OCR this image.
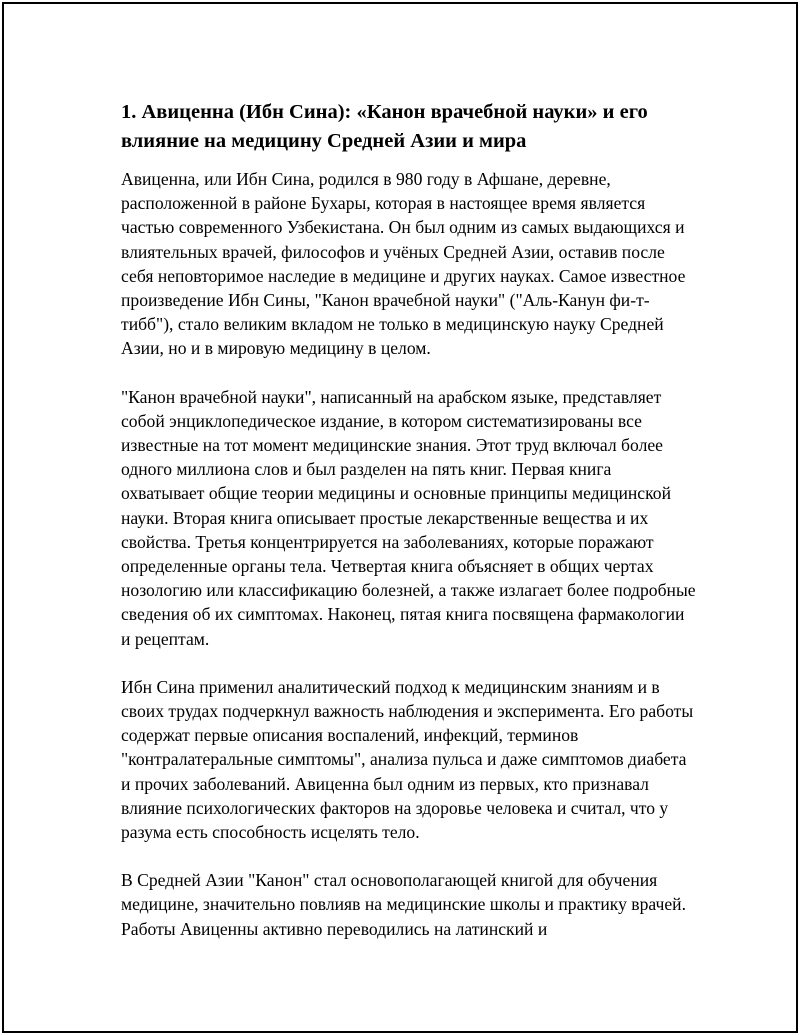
1. Авиценна (Ибн Сина): «Канон врачебной науки» и его влияние на медицину Средней Азии и мира

Авиценна, или Ибн Сина, родился в 980 году в Афшане, деревне, расположенной в районе Бухары, которая в настоящее время является частью современного Узбекистана. Он был одним из самых выдающихся и влиятельных врачей, философов и учёных Средней Азии, оставив после себя неповторимое наследие в медицине и других науках. Самое известное произведение Ибн Сины, "Канон врачебной науки" ("Аль-Канун фи-т-тибб"), стало великим вкладом не только в медицинскую науку Средней Азии, но и в мировую медицину в целом.

"Канон врачебной науки", написанный на арабском языке, представляет собой энциклопедическое издание, в котором систематизированы все известные на тот момент медицинские знания. Этот труд включал более одного миллиона слов и был разделен на пять книг. Первая книга охватывает общие теории медицины и основные принципы медицинской науки. Вторая книга описывает простые лекарственные вещества и их свойства. Третья концентрируется на заболеваниях, которые поражают определенные органы тела. Четвертая книга объясняет в общих чертах нозологию или классификацию болезней, а также излагает более подробные сведения об их симптомах. Наконец, пятая книга посвящена фармакологии и рецептам.

Ибн Сина применил аналитический подход к медицинским знаниям и в своих трудах подчеркнул важность наблюдения и эксперимента. Его работы содержат первые описания воспалений, инфекций, терминов "контралатеральные симптомы", анализа пульса и даже симптомов диабета и прочих заболеваний. Авиценна был одним из первых, кто признавал влияние психологических факторов на здоровье человека и считал, что у разума есть способность исцелять тело.

В Средней Азии "Канон" стал основополагающей книгой для обучения медицине, значительно повлияв на медицинские школы и практику врачей. Работы Авиценны активно переводились на латинский и
